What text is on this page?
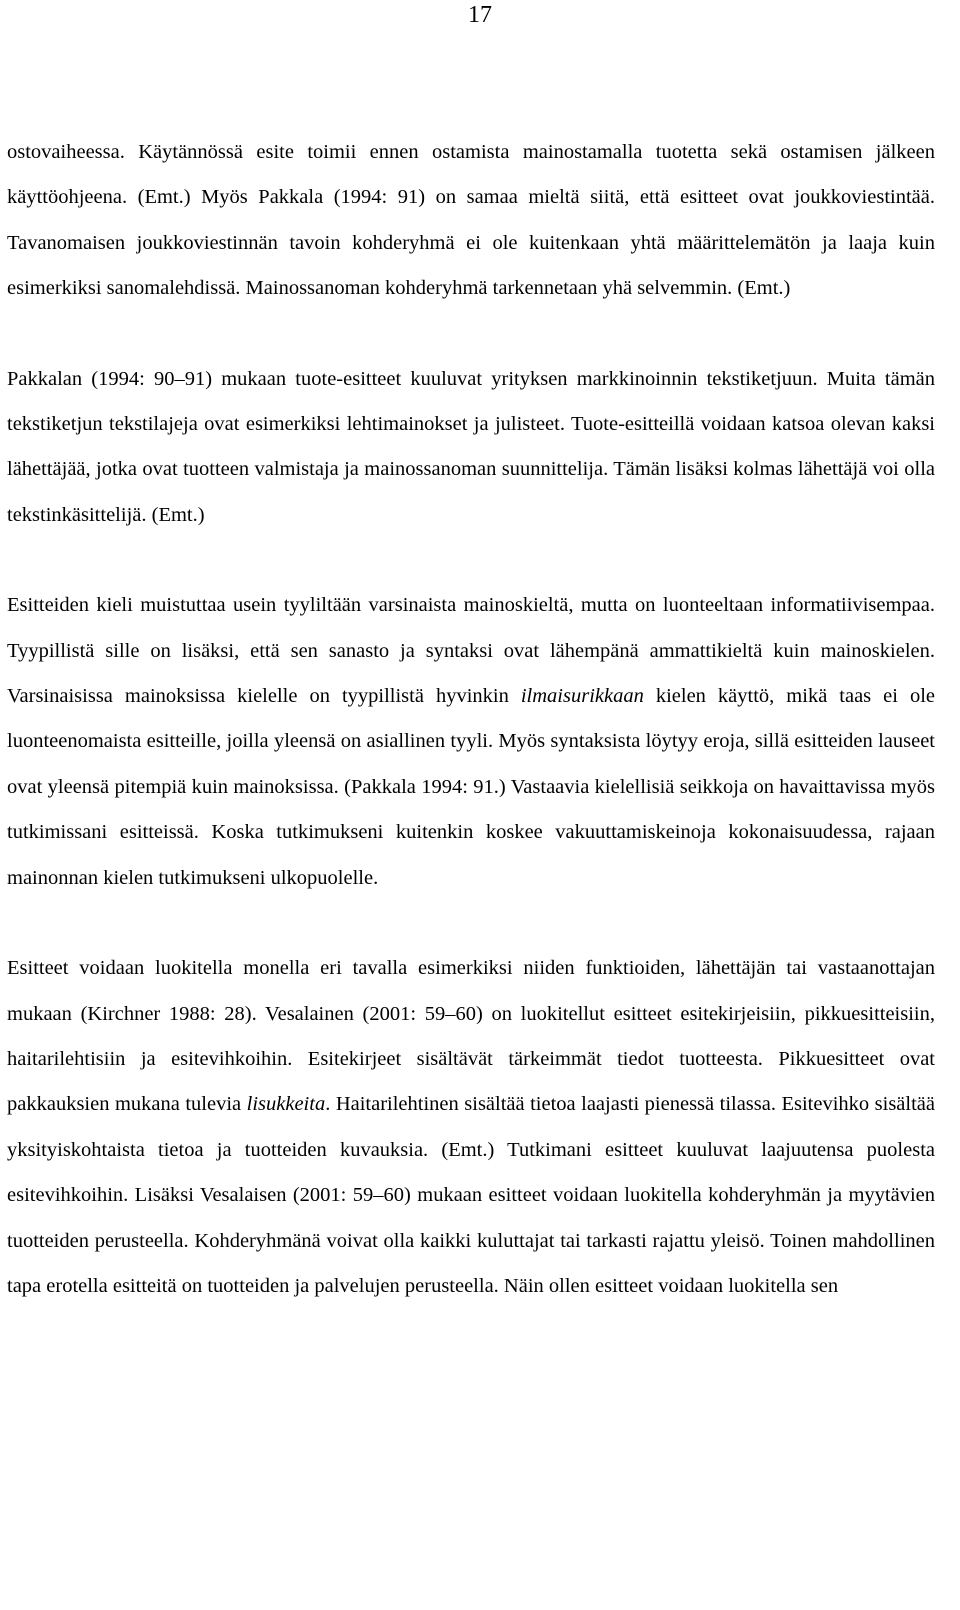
17

ostovaiheessa. Käytännössä esite toimii ennen ostamista mainostamalla tuotetta sekä ostamisen jälkeen käyttöohjeena. (Emt.) Myös Pakkala (1994: 91) on samaa mieltä siitä, että esitteet ovat joukkoviestintää. Tavanomaisen joukkoviestinnän tavoin kohderyhmä ei ole kuitenkaan yhtä määrittelemätön ja laaja kuin esimerkiksi sanomalehdissä. Mainossanoman kohderyhmä tarkennetaan yhä selvemmin. (Emt.)

Pakkalan (1994: 90–91) mukaan tuote-esitteet kuuluvat yrityksen markkinoinnin tekstiketjuun. Muita tämän tekstiketjun tekstilajeja ovat esimerkiksi lehtimainokset ja julisteet. Tuote-esitteillä voidaan katsoa olevan kaksi lähettäjää, jotka ovat tuotteen valmistaja ja mainossanoman suunnittelija. Tämän lisäksi kolmas lähettäjä voi olla tekstinkäsittelijä. (Emt.)

Esitteiden kieli muistuttaa usein tyyliltään varsinaista mainoskieltä, mutta on luonteeltaan informatiivisempaa. Tyypillistä sille on lisäksi, että sen sanasto ja syntaksi ovat lähempänä ammattikieltä kuin mainoskielen. Varsinaisissa mainoksissa kielelle on tyypillistä hyvinkin ilmaisurikkaan kielen käyttö, mikä taas ei ole luonteenomaista esitteille, joilla yleensä on asiallinen tyyli. Myös syntaksista löytyy eroja, sillä esitteiden lauseet ovat yleensä pitempiä kuin mainoksissa. (Pakkala 1994: 91.) Vastaavia kielellisiä seikkoja on havaittavissa myös tutkimissani esitteissä. Koska tutkimukseni kuitenkin koskee vakuuttamiskeinoja kokonaisuudessa, rajaan mainonnan kielen tutkimukseni ulkopuolelle.

Esitteet voidaan luokitella monella eri tavalla esimerkiksi niiden funktioiden, lähettäjän tai vastaanottajan mukaan (Kirchner 1988: 28). Vesalainen (2001: 59–60) on luokitellut esitteet esitekirjeisiin, pikkuesitteisiin, haitarilehtisiin ja esitevihkoihin. Esitekirjeet sisältävät tärkeimmät tiedot tuotteesta. Pikkuesitteet ovat pakkauksien mukana tulevia lisukkeita. Haitarilehtinen sisältää tietoa laajasti pienessä tilassa. Esitevihko sisältää yksityiskohtaista tietoa ja tuotteiden kuvauksia. (Emt.) Tutkimani esitteet kuuluvat laajuutensa puolesta esitevihkoihin. Lisäksi Vesalaisen (2001: 59–60) mukaan esitteet voidaan luokitella kohderyhmän ja myytävien tuotteiden perusteella. Kohderyhmänä voivat olla kaikki kuluttajat tai tarkasti rajattu yleisö. Toinen mahdollinen tapa erotella esitteitä on tuotteiden ja palvelujen perusteella. Näin ollen esitteet voidaan luokitella sen
